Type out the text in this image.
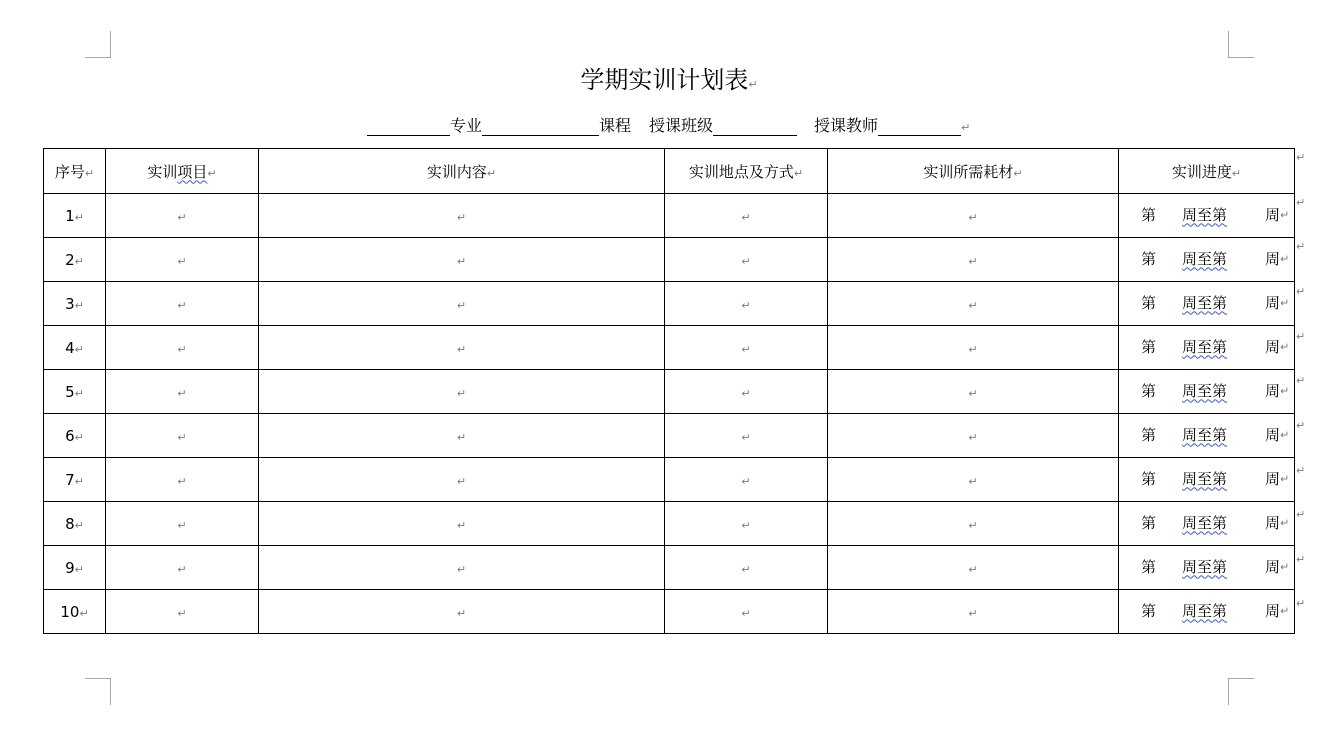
学期实训计划表↵
专业	课程 授课班级	授课教师	↵
序号↵	实训项目↵	实训内容↵	实训地点及方式↵	实训所需耗材↵	实训进度↵
1↵	↵	↵	↵	↵	第 周至第 周 ↵

2↵	↵	↵	↵	↵	第 周至第 周 ↵

3↵	↵	↵	↵	↵	第 周至第 周 ↵

4↵	↵	↵	↵	↵	第 周至第 周 ↵

5↵	↵	↵	↵	↵	第 周至第 周 ↵

6↵	↵	↵	↵	↵	第 周至第 周 ↵

7↵	↵	↵	↵	↵	第 周至第 周 ↵

8↵	↵	↵	↵	↵	第 周至第 周 ↵

9↵	↵	↵	↵	↵	第 周至第 周 ↵

10↵	↵	↵	↵	↵	第 周至第 周 ↵
↵
↵
↵
↵
↵
↵
↵
↵
↵
↵
↵
